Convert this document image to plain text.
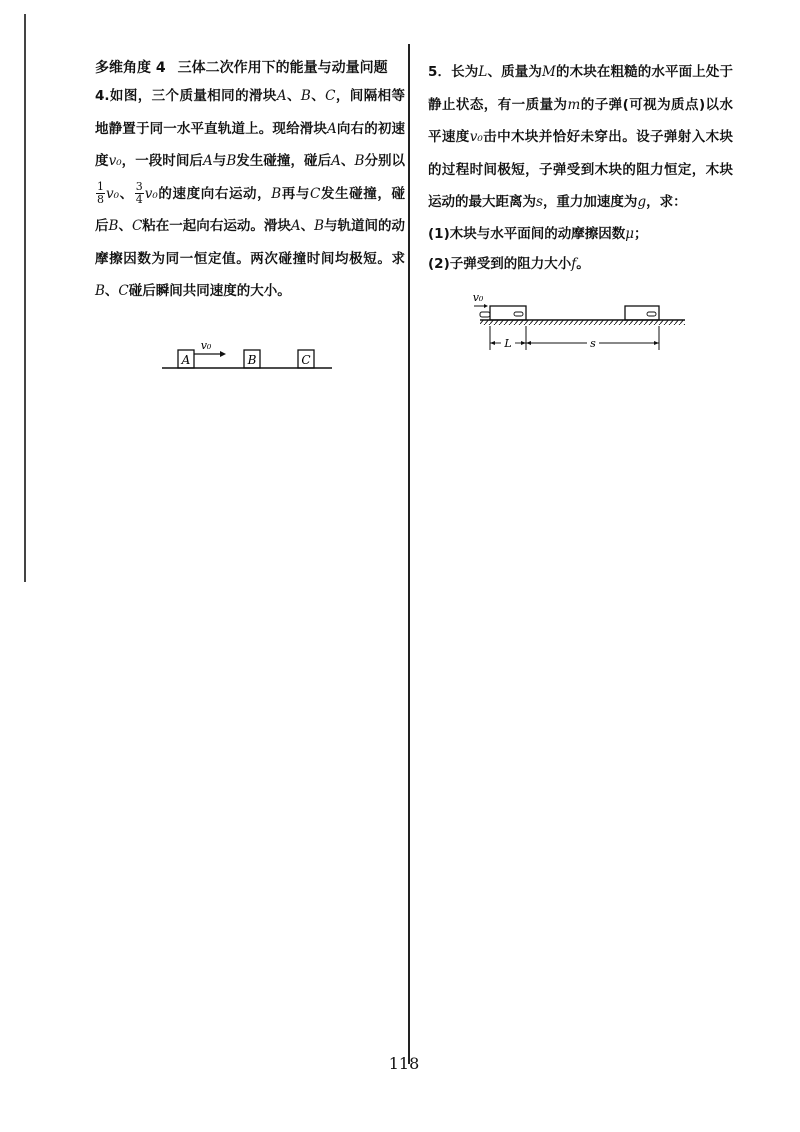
多维角度 4 三体二次作用下的能量与动量问题

4.如图，三个质量相同的滑块A、B、C，间隔相等地静置于同一水平直轨道上。现给滑块A向右的初速度v₀，一段时间后A与B发生碰撞，碰后A、B分别以
$\frac{1}{8} v_0$、 $\frac{3}{4} v_0$的速度向右运动，B再与C发生碰撞，碰后B、C粘在一起向右运动。滑块A、B与轨道间的动摩擦因数为同一恒定值。两次碰撞时间均极短。求B、C碰后瞬间共同速度的大小。

A
v₀
B	C

5．长为L、质量为M的木块在粗糙的水平面上处于静止状态，有一质量为m的子弹(可视为质点)以水平速度v₀击中木块并恰好未穿出。设子弹射入木块的过程时间极短，子弹受到木块的阻力恒定，木块运动的最大距离为s，重力加速度为g，求：

(1)木块与水平面间的动摩擦因数μ；

(2)子弹受到的阻力大小f。

v₀
L	s
118
